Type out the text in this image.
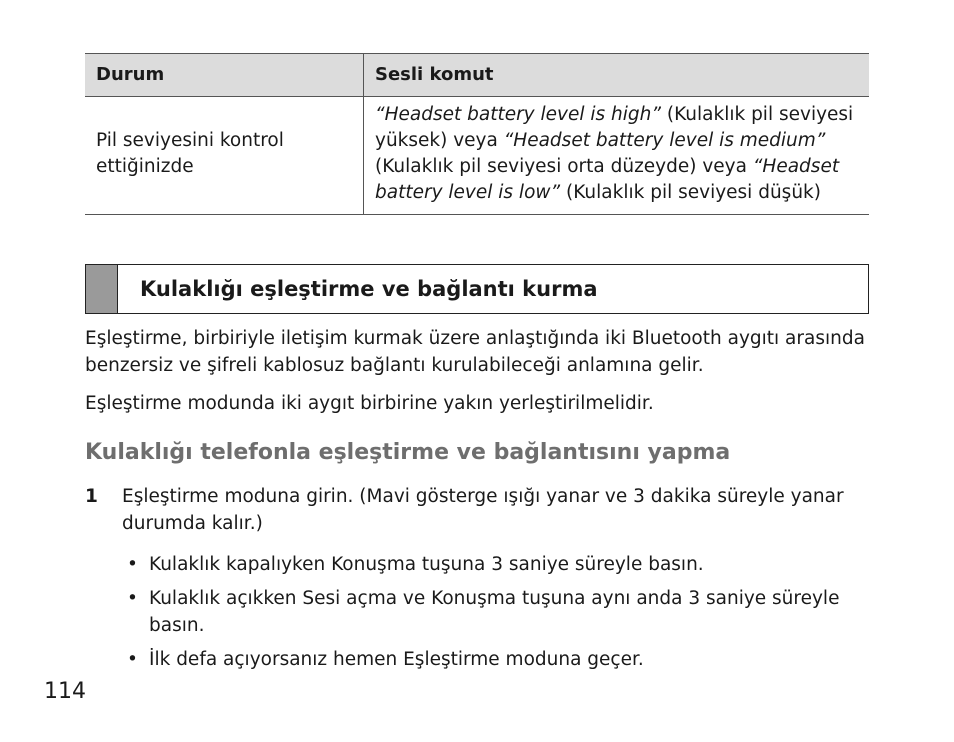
Durum	Sesli komut
Pil seviyesini kontrol ettiğinizde	“Headset battery level is high” (Kulaklık pil seviyesi yüksek) veya “Headset battery level is medium” (Kulaklık pil seviyesi orta düzeyde) veya “Headset battery level is low” (Kulaklık pil seviyesi düşük)
Kulaklığı eşleştirme ve bağlantı kurma

Eşleştirme, birbiriyle iletişim kurmak üzere anlaştığında iki Bluetooth aygıtı arasında benzersiz ve şifreli kablosuz bağlantı kurulabileceği anlamına gelir.

Eşleştirme modunda iki aygıt birbirine yakın yerleştirilmelidir.

Kulaklığı telefonla eşleştirme ve bağlantısını yapma
1 Eşleştirme moduna girin. (Mavi gösterge ışığı yanar ve 3 dakika süreyle yanar durumda kalır.)

• Kulaklık kapalıyken Konuşma tuşuna 3 saniye süreyle basın.
• Kulaklık açıkken Sesi açma ve Konuşma tuşuna aynı anda 3 saniye süreyle basın.
• İlk defa açıyorsanız hemen Eşleştirme moduna geçer.
114
